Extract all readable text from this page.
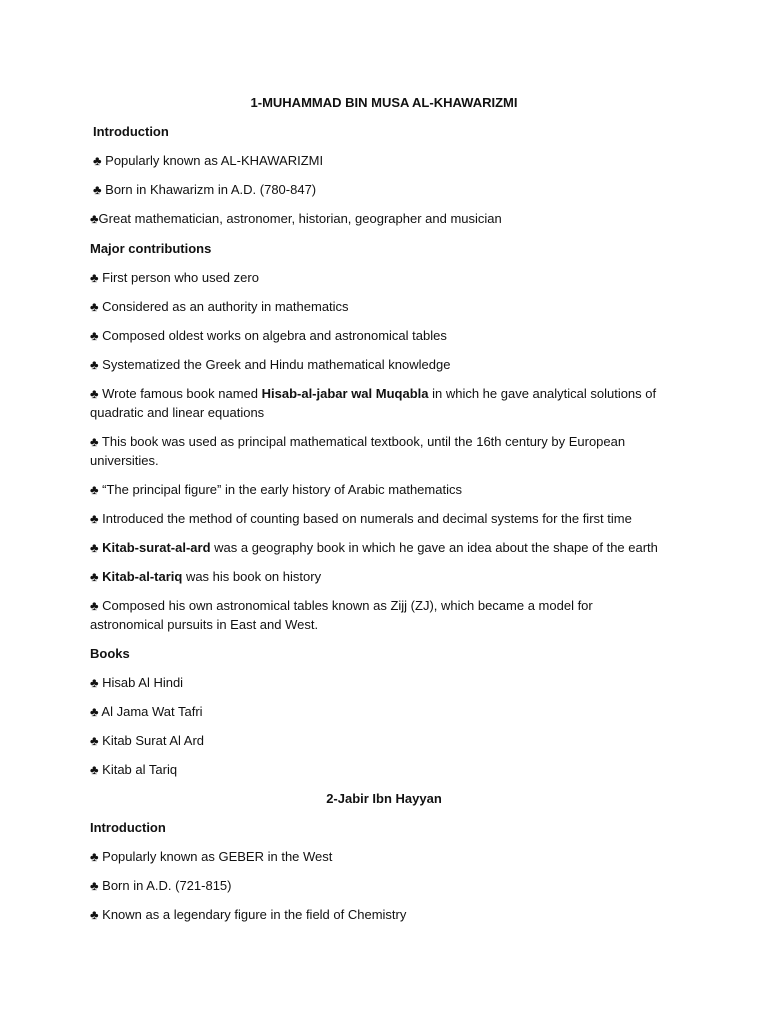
1-MUHAMMAD BIN MUSA AL-KHAWARIZMI

Introduction

♣ Popularly known as AL-KHAWARIZMI

♣ Born in Khawarizm in A.D. (780-847)

♣Great mathematician, astronomer, historian, geographer and musician

Major contributions

♣ First person who used zero

♣ Considered as an authority in mathematics

♣ Composed oldest works on algebra and astronomical tables

♣ Systematized the Greek and Hindu mathematical knowledge

♣ Wrote famous book named Hisab-al-jabar wal Muqabla in which he gave analytical solutions of quadratic and linear equations

♣ This book was used as principal mathematical textbook, until the 16th century by European universities.

♣ “The principal figure” in the early history of Arabic mathematics

♣ Introduced the method of counting based on numerals and decimal systems for the first time

♣ Kitab-surat-al-ard was a geography book in which he gave an idea about the shape of the earth

♣ Kitab-al-tariq was his book on history

♣ Composed his own astronomical tables known as Zijj (ZJ), which became a model for astronomical pursuits in East and West.

Books

♣ Hisab Al Hindi

♣ Al Jama Wat Tafri

♣ Kitab Surat Al Ard

♣ Kitab al Tariq

2-Jabir Ibn Hayyan

Introduction

♣ Popularly known as GEBER in the West

♣ Born in A.D. (721-815)

♣ Known as a legendary figure in the field of Chemistry
